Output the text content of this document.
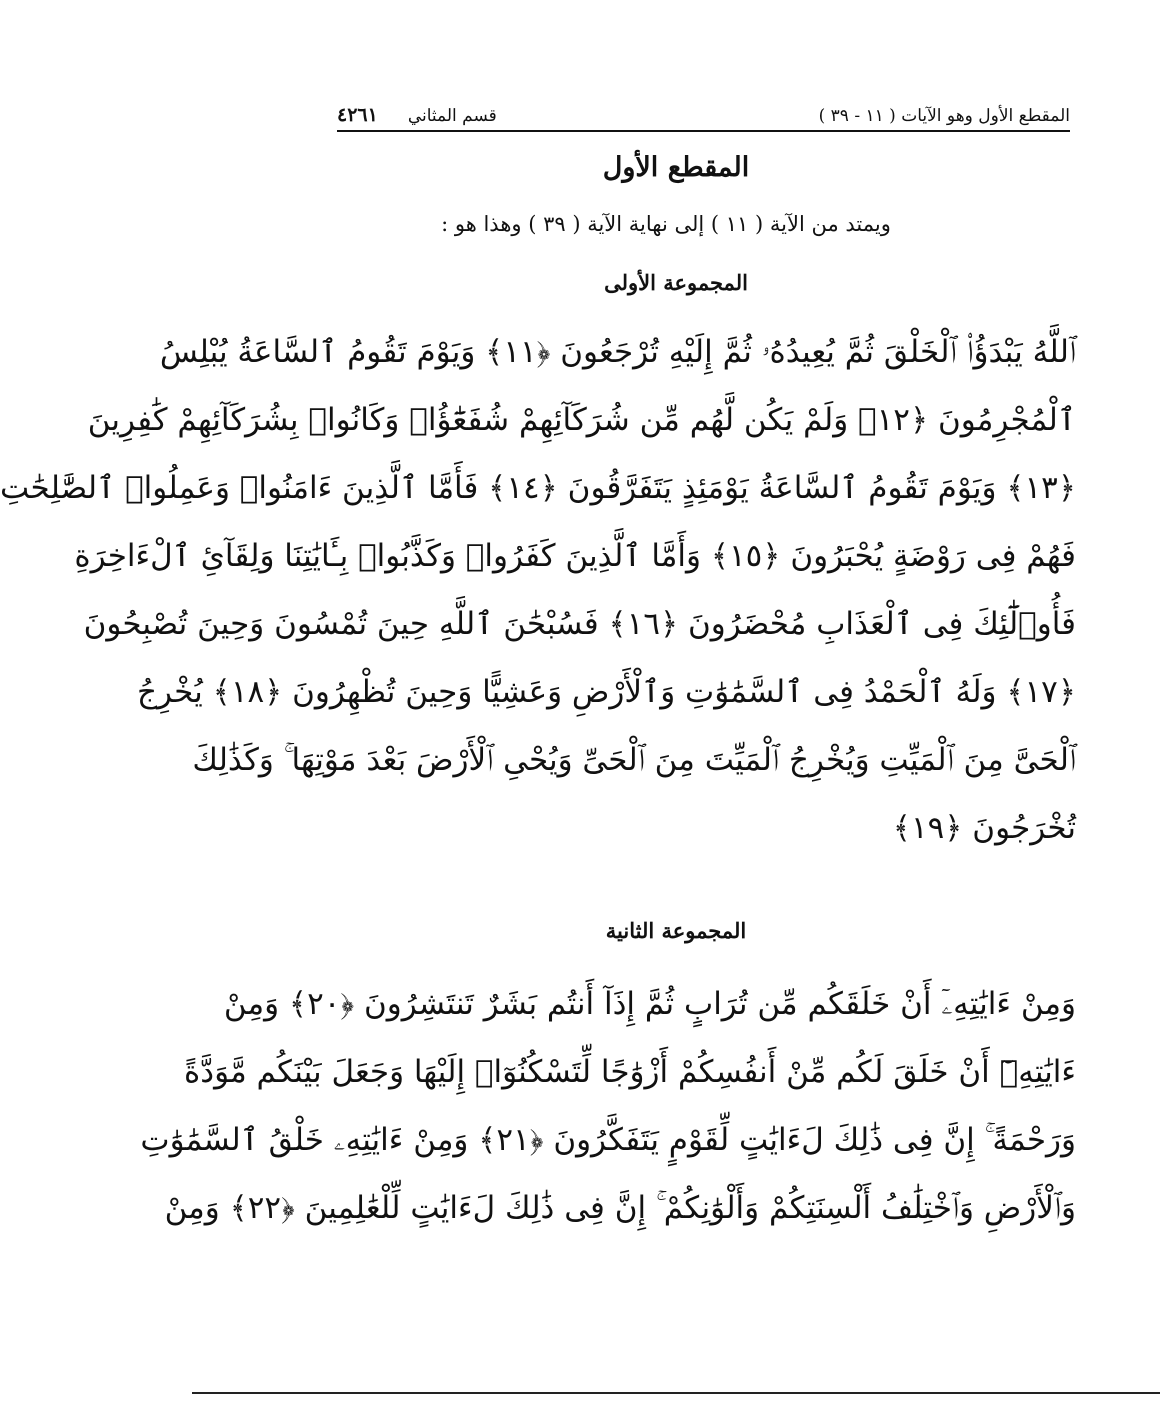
المقطع الأول وهو الآيات ( ١١ - ٣٩ )
قسم المثاني
٤٢٦١
المقطع الأول
ويمتد من الآية ( ١١ ) إلى نهاية الآية ( ٣٩ ) وهذا هو :
المجموعة الأولى
ٱللَّهُ يَبْدَؤُا۟ ٱلْخَلْقَ ثُمَّ يُعِيدُهُۥ ثُمَّ إِلَيْهِ تُرْجَعُونَ ﴿١١﴾ وَيَوْمَ تَقُومُ ٱلسَّاعَةُ يُبْلِسُ
ٱلْمُجْرِمُونَ ﴿١٢﴾ وَلَمْ يَكُن لَّهُم مِّن شُرَكَآئِهِمْ شُفَعَٰٓؤُا۟ وَكَانُوا۟ بِشُرَكَآئِهِمْ كَٰفِرِينَ
﴿١٣﴾ وَيَوْمَ تَقُومُ ٱلسَّاعَةُ يَوْمَئِذٍ يَتَفَرَّقُونَ ﴿١٤﴾ فَأَمَّا ٱلَّذِينَ ءَامَنُوا۟ وَعَمِلُوا۟ ٱلصَّٰلِحَٰتِ
فَهُمْ فِى رَوْضَةٍ يُحْبَرُونَ ﴿١٥﴾ وَأَمَّا ٱلَّذِينَ كَفَرُوا۟ وَكَذَّبُوا۟ بِـَٔايَٰتِنَا وَلِقَآئِ ٱلْءَاخِرَةِ
فَأُو۟لَٰٓئِكَ فِى ٱلْعَذَابِ مُحْضَرُونَ ﴿١٦﴾ فَسُبْحَٰنَ ٱللَّهِ حِينَ تُمْسُونَ وَحِينَ تُصْبِحُونَ
﴿١٧﴾ وَلَهُ ٱلْحَمْدُ فِى ٱلسَّمَٰوَٰتِ وَٱلْأَرْضِ وَعَشِيًّا وَحِينَ تُظْهِرُونَ ﴿١٨﴾ يُخْرِجُ
ٱلْحَىَّ مِنَ ٱلْمَيِّتِ وَيُخْرِجُ ٱلْمَيِّتَ مِنَ ٱلْحَىِّ وَيُحْىِ ٱلْأَرْضَ بَعْدَ مَوْتِهَا ۚ وَكَذَٰلِكَ
تُخْرَجُونَ ﴿١٩﴾
المجموعة الثانية
وَمِنْ ءَايَٰتِهِۦٓ أَنْ خَلَقَكُم مِّن تُرَابٍ ثُمَّ إِذَآ أَنتُم بَشَرٌ تَنتَشِرُونَ ﴿٢٠﴾ وَمِنْ
ءَايَٰتِهِۦٓ أَنْ خَلَقَ لَكُم مِّنْ أَنفُسِكُمْ أَزْوَٰجًا لِّتَسْكُنُوٓا۟ إِلَيْهَا وَجَعَلَ بَيْنَكُم مَّوَدَّةً
وَرَحْمَةً ۚ إِنَّ فِى ذَٰلِكَ لَءَايَٰتٍ لِّقَوْمٍ يَتَفَكَّرُونَ ﴿٢١﴾ وَمِنْ ءَايَٰتِهِۦ خَلْقُ ٱلسَّمَٰوَٰتِ
وَٱلْأَرْضِ وَٱخْتِلَٰفُ أَلْسِنَتِكُمْ وَأَلْوَٰنِكُمْ ۚ إِنَّ فِى ذَٰلِكَ لَءَايَٰتٍ لِّلْعَٰلِمِينَ ﴿٢٢﴾ وَمِنْ
